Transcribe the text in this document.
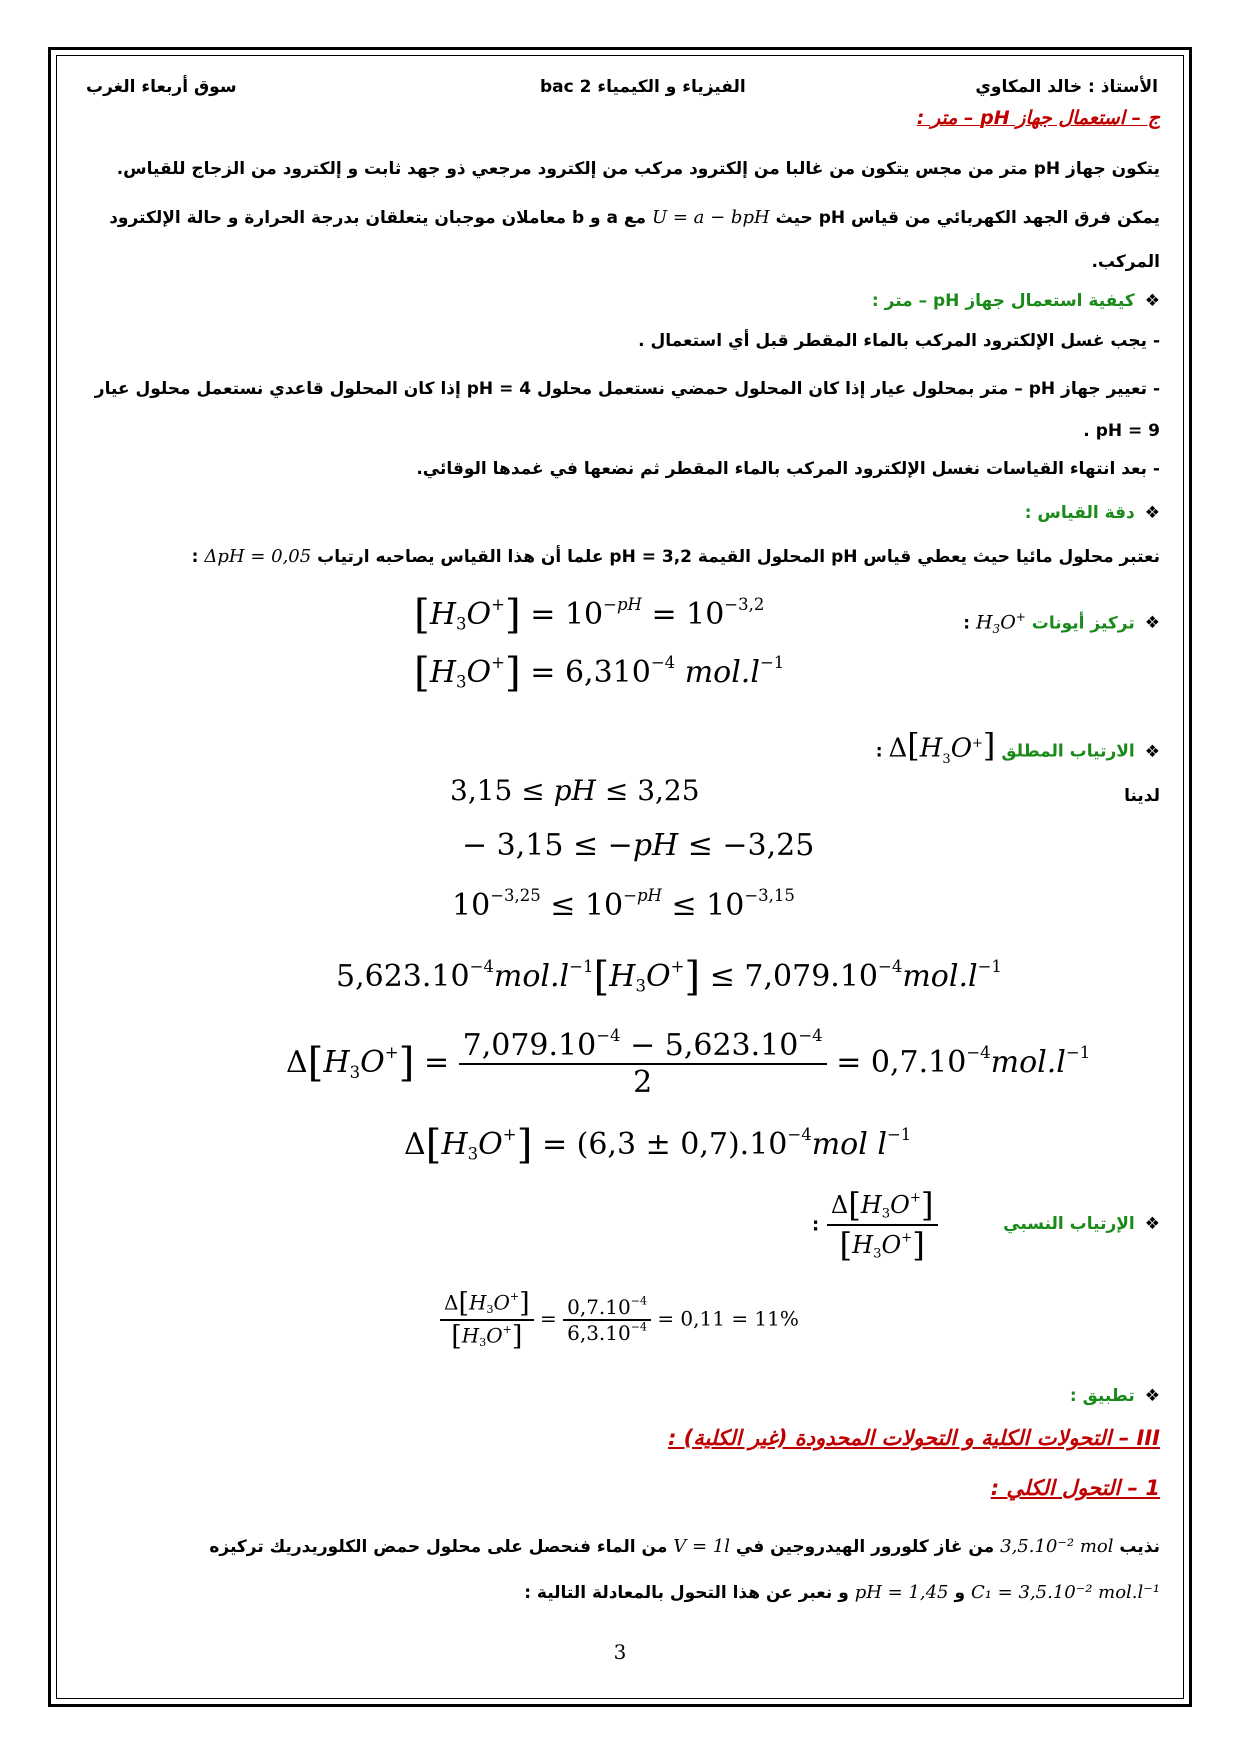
الأستاذ : خالد المكاوي
الفيزياء و الكيمياء 2 bac
سوق أربعاء الغرب
ج – استعمال جهاز pH – متر :
يتكون جهاز pH متر من مجس يتكون من غالبا من إلكترود مركب من إلكترود مرجعي ذو جهد ثابت و إلكترود من الزجاج للقياس.
يمكن فرق الجهد الكهربائي من قياس pH حيث U = a − bpH مع a و b معاملان موجبان يتعلقان بدرجة الحرارة و حالة الإلكترود المركب.
❖كيفية استعمال جهاز pH – متر :
- يجب غسل الإلكترود المركب بالماء المقطر قبل أي استعمال .
- تعيير جهاز pH – متر بمحلول عيار إذا كان المحلول حمضي نستعمل محلول pH = 4 إذا كان المحلول قاعدي نستعمل محلول عيار pH = 9 .
- بعد انتهاء القياسات نغسل الإلكترود المركب بالماء المقطر ثم نضعها في غمدها الوقائي.
❖دقة القياس :
نعتبر محلول مائيا حيث يعطي قياس pH المحلول القيمة pH = 3,2 علما أن هذا القياس يصاحبه ارتياب ΔpH = 0,05 :
❖تركيز أيونات $H_3O^+$ :
$[H_3O^+] = 10^{-pH} = 10^{-3,2}$
$[H_3O^+] = 6,310^{-4}$ $mol.l^{-1}$
❖الارتياب المطلق $\Delta[H_3O^+]$ :
لدينا
3,15 ≤ pH ≤ 3,25
− 3,15 ≤ −pH ≤ −3,25
$10^{-3,25} \le 10^{-pH} \le 10^{-3,15}$
$5,623.10^{-4}mol.l^{-1}[H_3O^+] \le 7,079.10^{-4}mol.l^{-1}$
$\Delta[H_3O^+] = \frac{7,079.10^{-4} - 5,623.10^{-4}}{2} = 0,7.10^{-4}mol.l^{-1}$
$\Delta[H_3O^+] = (6,3 \pm 0,7).10^{-4}mol$ $l^{-1}$
❖الإرتياب النسبي
: $\frac{\Delta[H_3O^+]}{[H_3O^+]}$
$\frac{\Delta[H_3O^+]}{[H_3O^+]} = \frac{0,7.10^{-4}}{6,3.10^{-4}} = 0,11 = 11\%$
❖تطبيق :
III – التحولات الكلية و التحولات المحدودة (غير الكلية) :
1 – التحول الكلي :
نذيب 3,5.10⁻² mol من غاز كلورور الهيدروجين في V = 1l من الماء فنحصل على محلول حمض الكلوريدريك تركيزه C₁ = 3,5.10⁻² mol.l⁻¹ و pH = 1,45 و نعبر عن هذا التحول بالمعادلة التالية :
3
